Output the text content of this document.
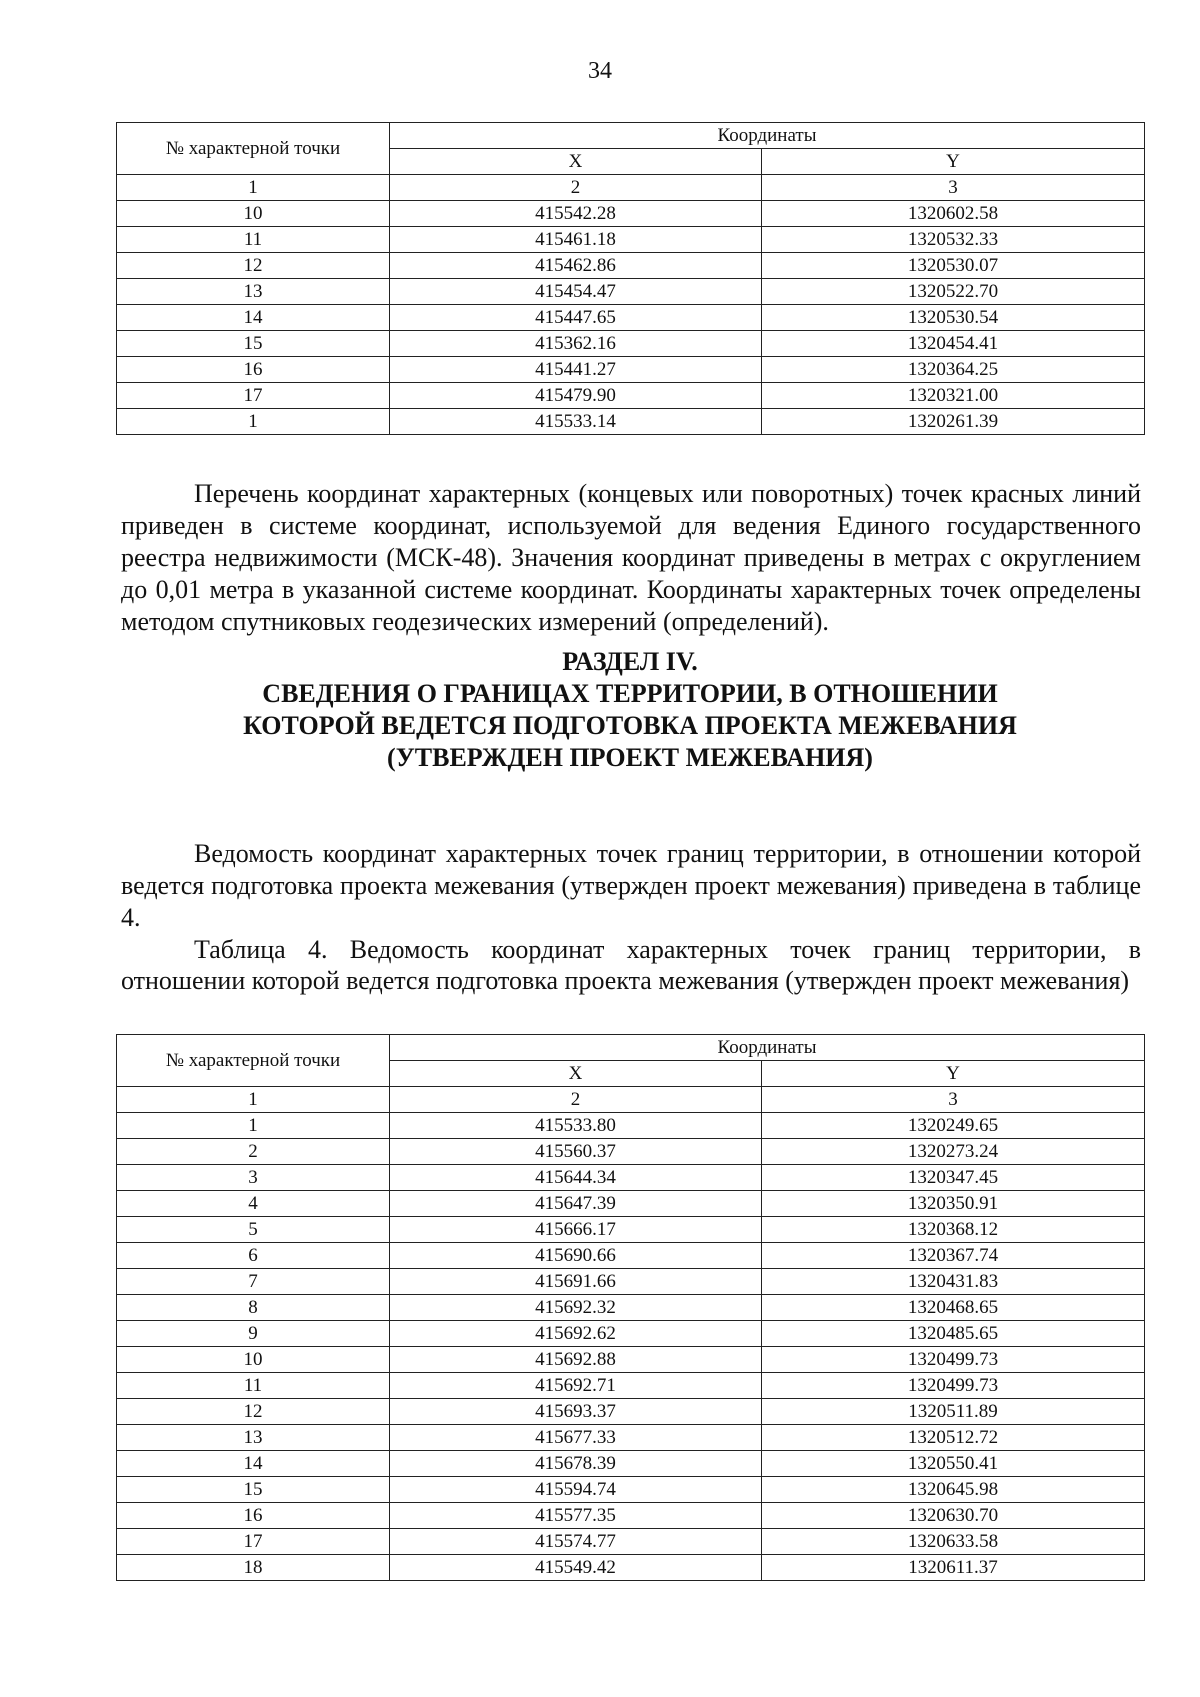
34
№ характерной точки	Координаты	
	X	Y
1	2	3
10	415542.28	1320602.58
11	415461.18	1320532.33
12	415462.86	1320530.07
13	415454.47	1320522.70
14	415447.65	1320530.54
15	415362.16	1320454.41
16	415441.27	1320364.25
17	415479.90	1320321.00
1	415533.14	1320261.39

Перечень координат характерных (концевых или поворотных) точек красных линий приведен в системе координат, используемой для ведения Единого государственного реестра недвижимости (МСК-48). Значения координат приведены в метрах с округлением до 0,01 метра в указанной системе координат. Координаты характерных точек определены методом спутниковых геодезических измерений (определений).

РАЗДЕЛ IV.
СВЕДЕНИЯ О ГРАНИЦАХ ТЕРРИТОРИИ, В ОТНОШЕНИИ
КОТОРОЙ ВЕДЕТСЯ ПОДГОТОВКА ПРОЕКТА МЕЖЕВАНИЯ
(УТВЕРЖДЕН ПРОЕКТ МЕЖЕВАНИЯ)

Ведомость координат характерных точек границ территории, в отношении которой ведется подготовка проекта межевания (утвержден проект межевания) приведена в таблице 4.

Таблица 4. Ведомость координат характерных точек границ территории, в отношении которой ведется подготовка проекта межевания (утвержден проект межевания)

№ характерной точки	Координаты	
	X	Y
1	2	3
1	415533.80	1320249.65
2	415560.37	1320273.24
3	415644.34	1320347.45
4	415647.39	1320350.91
5	415666.17	1320368.12
6	415690.66	1320367.74
7	415691.66	1320431.83
8	415692.32	1320468.65
9	415692.62	1320485.65
10	415692.88	1320499.73
11	415692.71	1320499.73
12	415693.37	1320511.89
13	415677.33	1320512.72
14	415678.39	1320550.41
15	415594.74	1320645.98
16	415577.35	1320630.70
17	415574.77	1320633.58
18	415549.42	1320611.37
